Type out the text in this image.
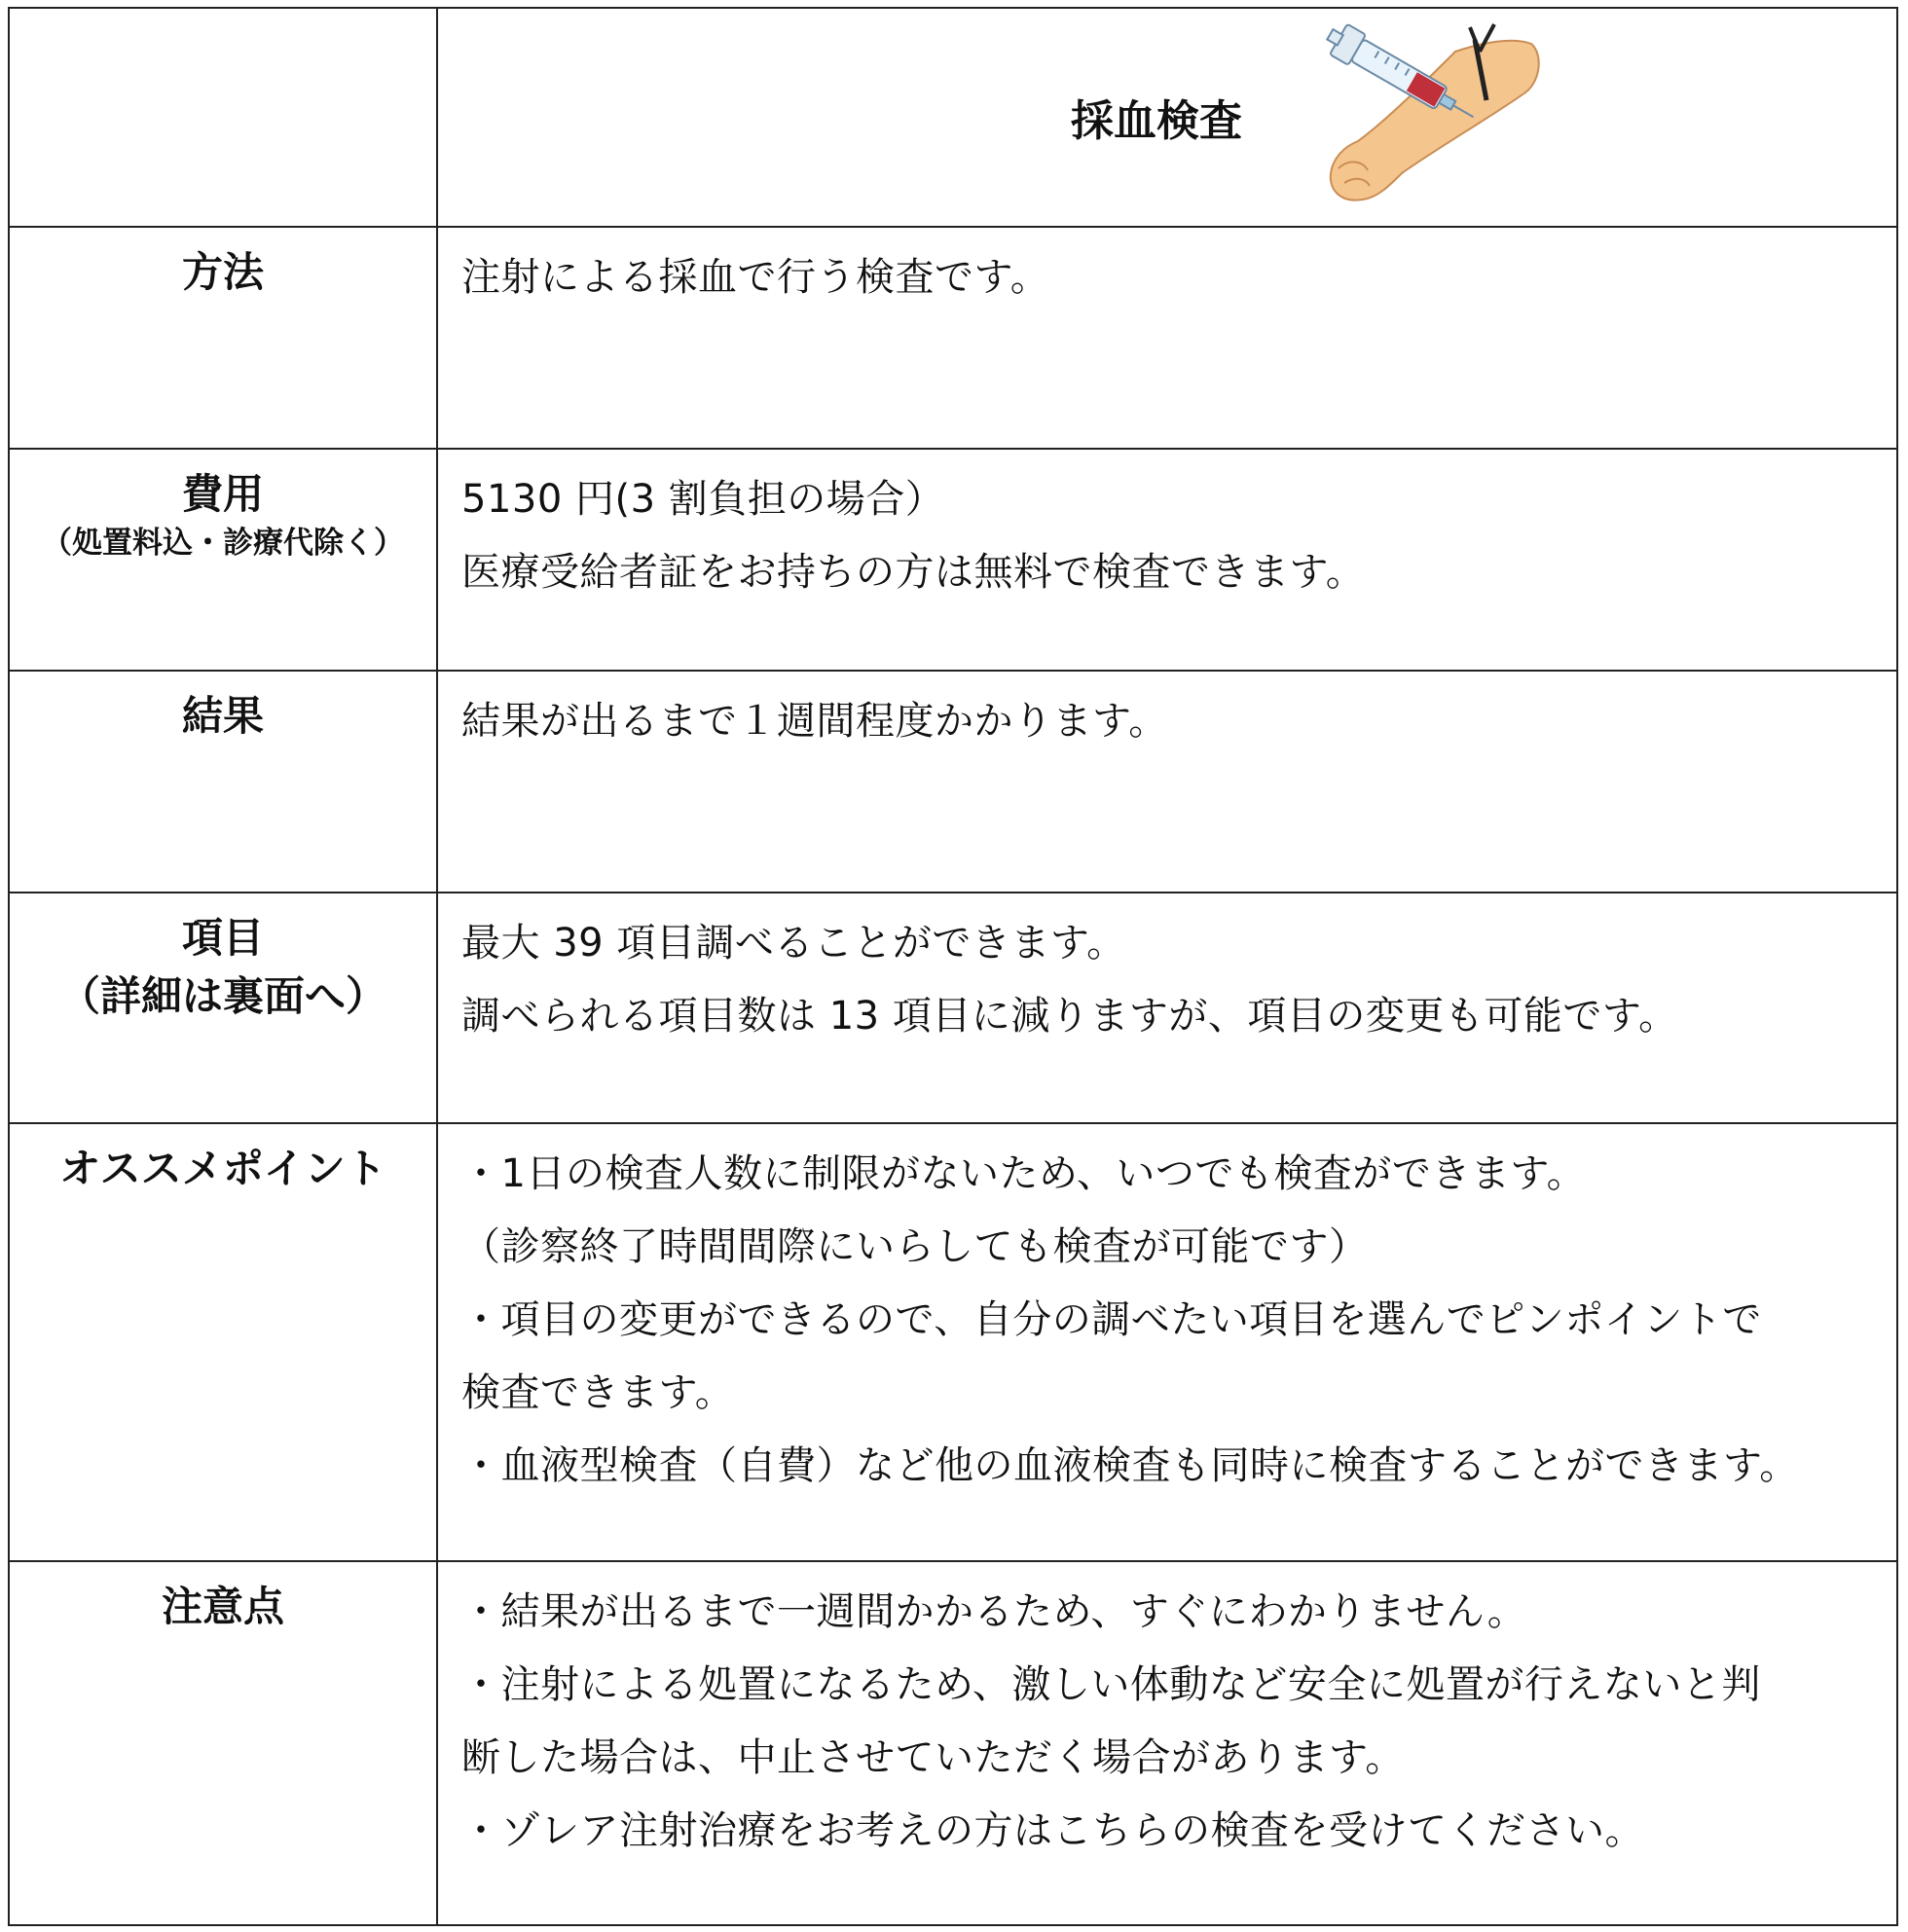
	採血検査

方法	注射による採血で行う検査です。

費用
（処置料込・診療代除く）	5130 円(3 割負担の場合）
医療受給者証をお持ちの方は無料で検査できます。

結果	結果が出るまで１週間程度かかります。

項目
（詳細は裏面へ）	最大 39 項目調べることができます。
調べられる項目数は 13 項目に減りますが、項目の変更も可能です。

オススメポイント	・1日の検査人数に制限がないため、いつでも検査ができます。
（診察終了時間間際にいらしても検査が可能です）
・項目の変更ができるので、自分の調べたい項目を選んでピンポイントで
検査できます。
・血液型検査（自費）など他の血液検査も同時に検査することができます。

注意点	・結果が出るまで一週間かかるため、すぐにわかりません。
・注射による処置になるため、激しい体動など安全に処置が行えないと判
断した場合は、中止させていただく場合があります。
・ゾレア注射治療をお考えの方はこちらの検査を受けてください。
